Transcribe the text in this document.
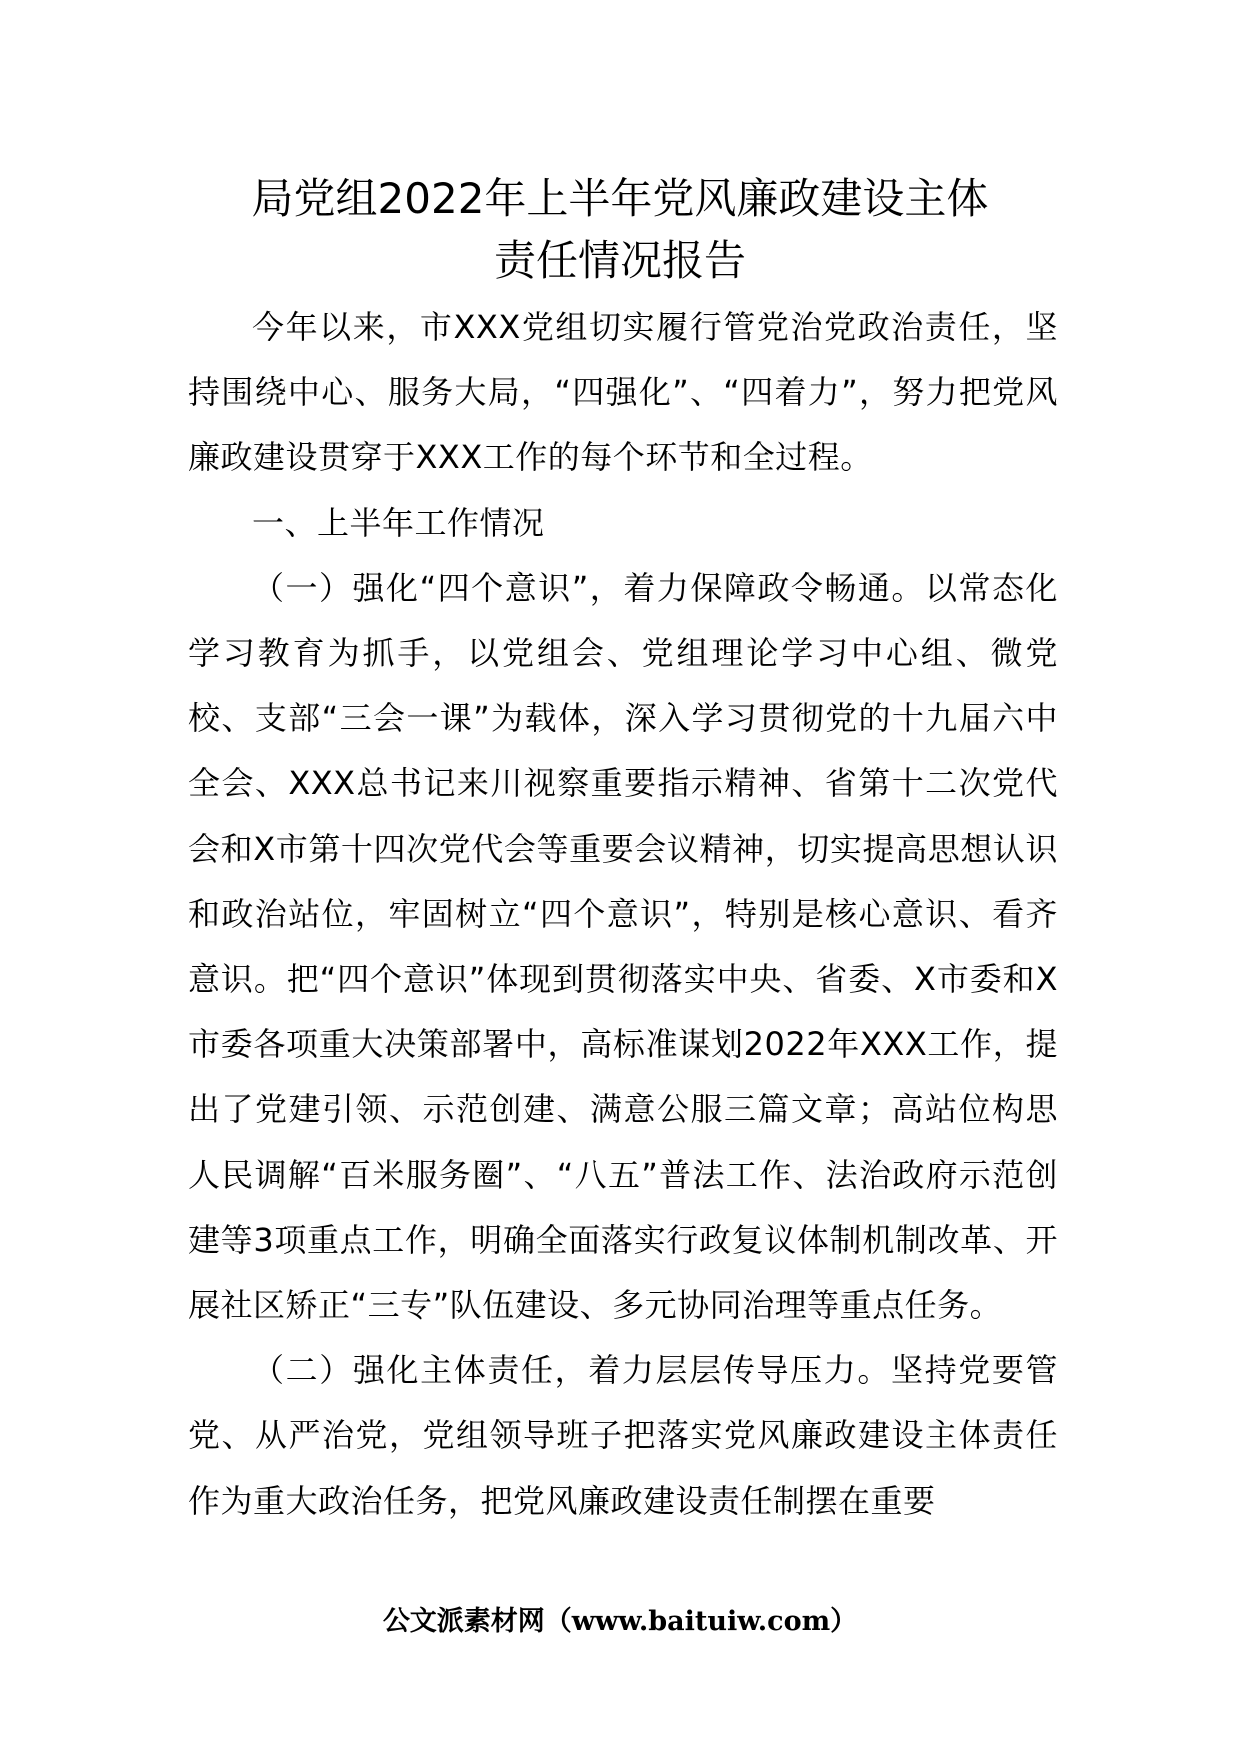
局党组2022年上半年党风廉政建设主体
责任情况报告

今年以来，市XXX党组切实履行管党治党政治责任，坚持围绕中心、服务大局，“四强化”、“四着力”，努力把党风廉政建设贯穿于XXX工作的每个环节和全过程。

一、上半年工作情况

（一）强化“四个意识”，着力保障政令畅通。以常态化学习教育为抓手，以党组会、党组理论学习中心组、微党校、支部“三会一课”为载体，深入学习贯彻党的十九届六中全会、XXX总书记来川视察重要指示精神、省第十二次党代会和X市第十四次党代会等重要会议精神，切实提高思想认识和政治站位，牢固树立“四个意识”，特别是核心意识、看齐意识。把“四个意识”体现到贯彻落实中央、省委、X市委和X市委各项重大决策部署中，高标准谋划2022年XXX工作，提出了党建引领、示范创建、满意公服三篇文章；高站位构思人民调解“百米服务圈”、“八五”普法工作、法治政府示范创建等3项重点工作，明确全面落实行政复议体制机制改革、开展社区矫正“三专”队伍建设、多元协同治理等重点任务。

（二）强化主体责任，着力层层传导压力。坚持党要管党、从严治党，党组领导班子把落实党风廉政建设主体责任作为重大政治任务，把党风廉政建设责任制摆在重要

公文派素材网（www.baituiw.com）
